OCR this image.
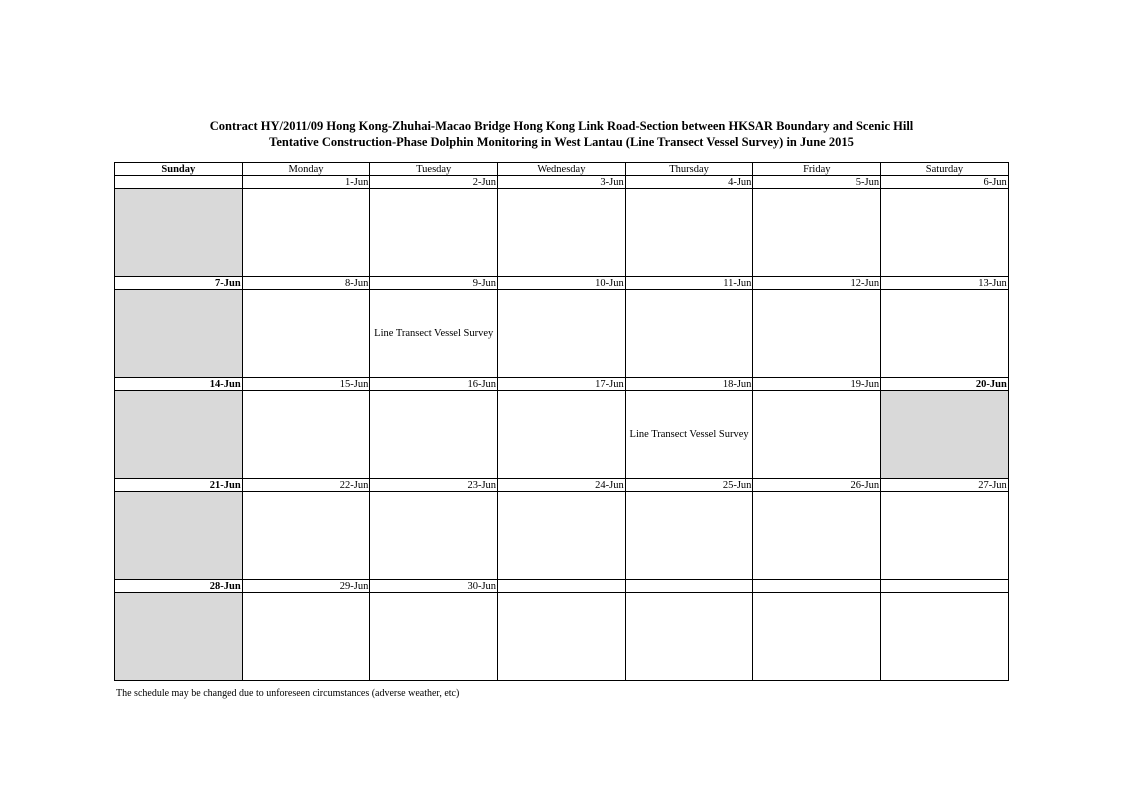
Contract HY/2011/09 Hong Kong-Zhuhai-Macao Bridge Hong Kong Link Road-Section between HKSAR Boundary and Scenic Hill
Tentative Construction-Phase Dolphin Monitoring in West Lantau (Line Transect Vessel Survey) in June 2015
Sunday	Monday	Tuesday	Wednesday	Thursday	Friday	Saturday
	1-Jun	2-Jun	3-Jun	4-Jun	5-Jun	6-Jun

7-Jun	8-Jun	9-Jun	10-Jun	11-Jun	12-Jun	13-Jun
		Line Transect Vessel Survey				
14-Jun	15-Jun	16-Jun	17-Jun	18-Jun	19-Jun	20-Jun
				Line Transect Vessel Survey		
21-Jun	22-Jun	23-Jun	24-Jun	25-Jun	26-Jun	27-Jun

28-Jun	29-Jun	30-Jun				

The schedule may be changed due to unforeseen circumstances (adverse weather, etc)
